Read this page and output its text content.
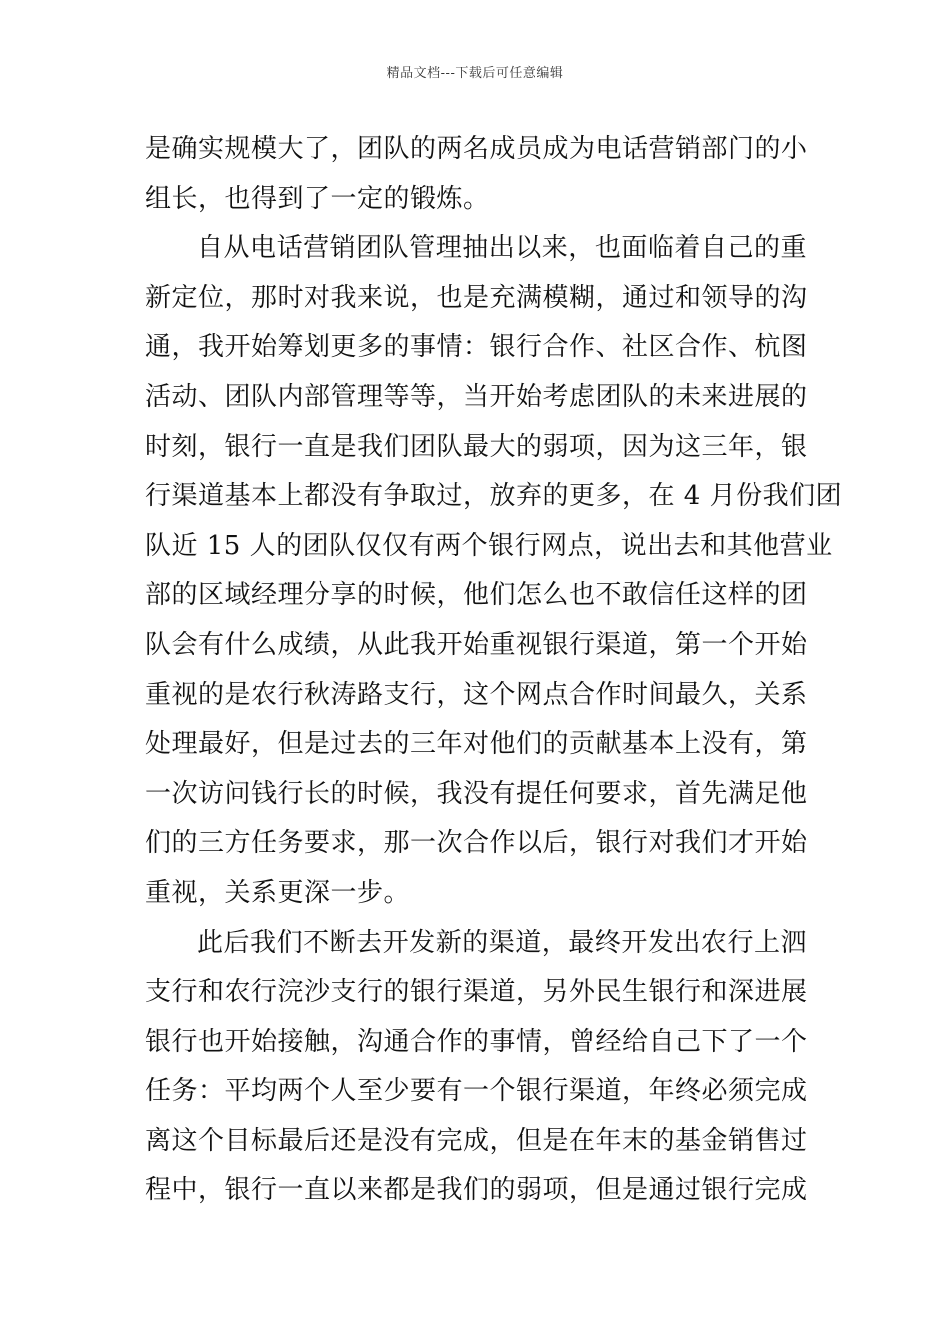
精品文档---下载后可任意编辑
是确实规模大了，团队的两名成员成为电话营销部门的小
组长，也得到了一定的锻炼。
自从电话营销团队管理抽出以来，也面临着自己的重
新定位，那时对我来说，也是充满模糊，通过和领导的沟
通，我开始筹划更多的事情：银行合作、社区合作、杭图
活动、团队内部管理等等，当开始考虑团队的未来进展的
时刻，银行一直是我们团队最大的弱项，因为这三年，银
行渠道基本上都没有争取过，放弃的更多，在 4 月份我们团
队近 15 人的团队仅仅有两个银行网点，说出去和其他营业
部的区域经理分享的时候，他们怎么也不敢信任这样的团
队会有什么成绩，从此我开始重视银行渠道，第一个开始
重视的是农行秋涛路支行，这个网点合作时间最久，关系
处理最好，但是过去的三年对他们的贡献基本上没有，第
一次访问钱行长的时候，我没有提任何要求，首先满足他
们的三方任务要求，那一次合作以后，银行对我们才开始
重视，关系更深一步。
此后我们不断去开发新的渠道，最终开发出农行上泗
支行和农行浣沙支行的银行渠道，另外民生银行和深进展
银行也开始接触，沟通合作的事情，曾经给自己下了一个
任务：平均两个人至少要有一个银行渠道，年终必须完成
离这个目标最后还是没有完成，但是在年末的基金销售过
程中，银行一直以来都是我们的弱项，但是通过银行完成
